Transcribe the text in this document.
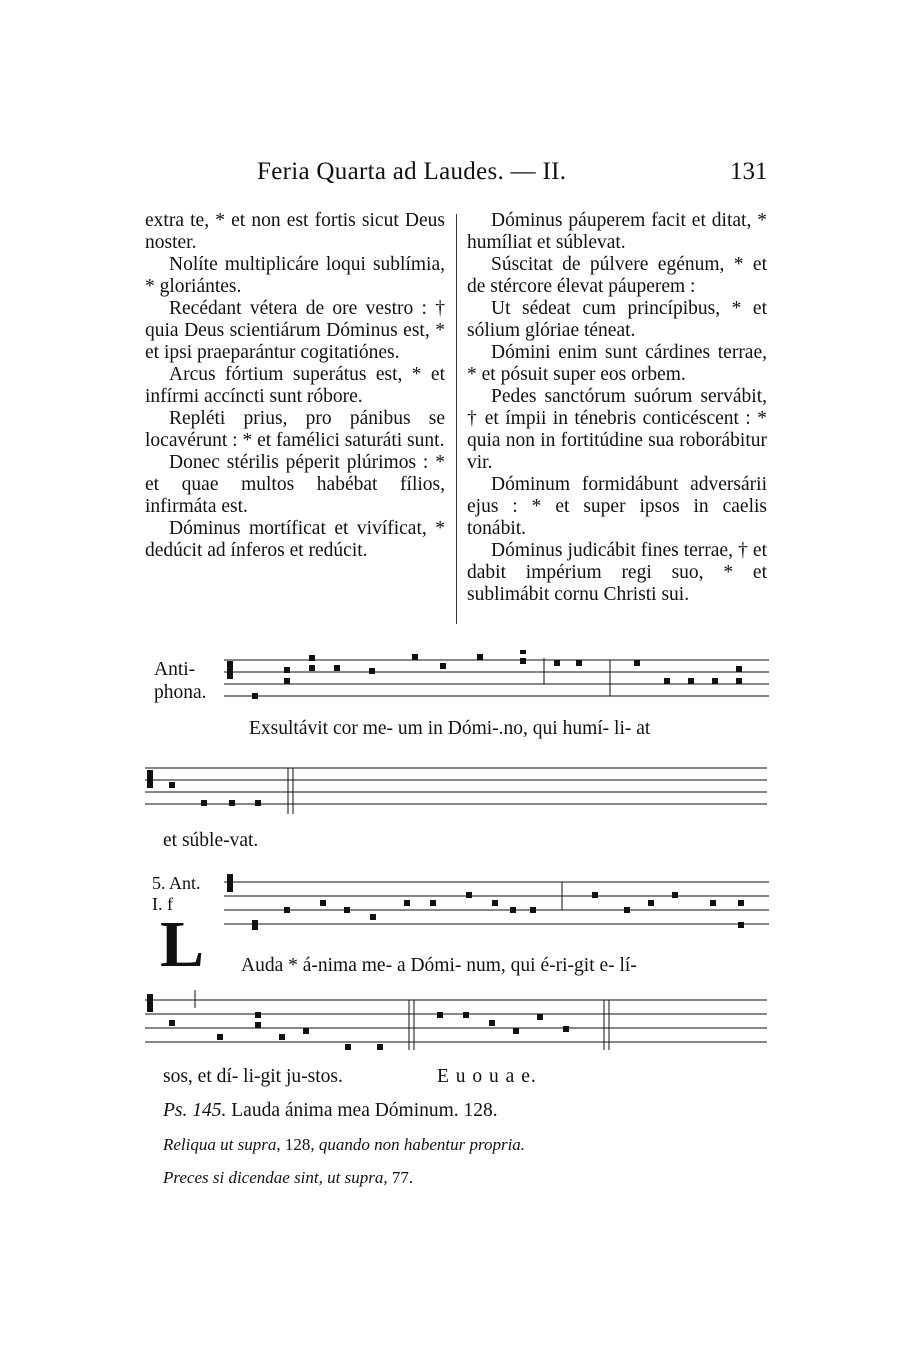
Feria Quarta ad Laudes. — II.	131

extra te, * et non est fortis sicut Deus noster.

Nolíte multiplicáre loqui sublímia, * gloriántes.

Recédant vétera de ore vestro : † quia Deus scientiárum Dóminus est, * et ipsi praeparántur cogitatiónes.

Arcus fórtium superátus est, * et infírmi accíncti sunt róbore.

Repléti prius, pro pánibus se locavérunt : * et famélici saturáti sunt.

Donec stérilis péperit plúrimos : * et quae multos habébat fílios, infirmáta est.

Dóminus mortíficat et vivíficat, * dedúcit ad ínferos et redúcit.

Dóminus páuperem facit et ditat, * humíliat et súblevat.

Súscitat de púlvere egénum, * et de stércore élevat páuperem :

Ut sédeat cum princípibus, * et sólium glóriae téneat.

Dómini enim sunt cárdines terrae, * et pósuit super eos orbem.

Pedes sanctórum suórum servábit, † et ímpii in ténebris conticéscent : * quia non in fortitúdine sua roborábitur vir.

Dóminum formidábunt adversárii ejus : * et super ipsos in caelis tonábit.

Dóminus judicábit fines terrae, † et dabit impérium regi suo, * et sublimábit cornu Christi sui.

Anti-
phona.
Exsultávit cor me- um in Dómi-.no, qui humí- li- at
et súble-vat.
5. Ant.
I. f
L Auda * á-nima me- a Dómi- num, qui é-ri-git e- lí-
sos, et dí- li-git ju-stos.	E u o u a e.
Ps. 145. Lauda ánima mea Dóminum. 128.
Reliqua ut supra, 128, quando non habentur propria.
Preces si dicendae sint, ut supra, 77.
